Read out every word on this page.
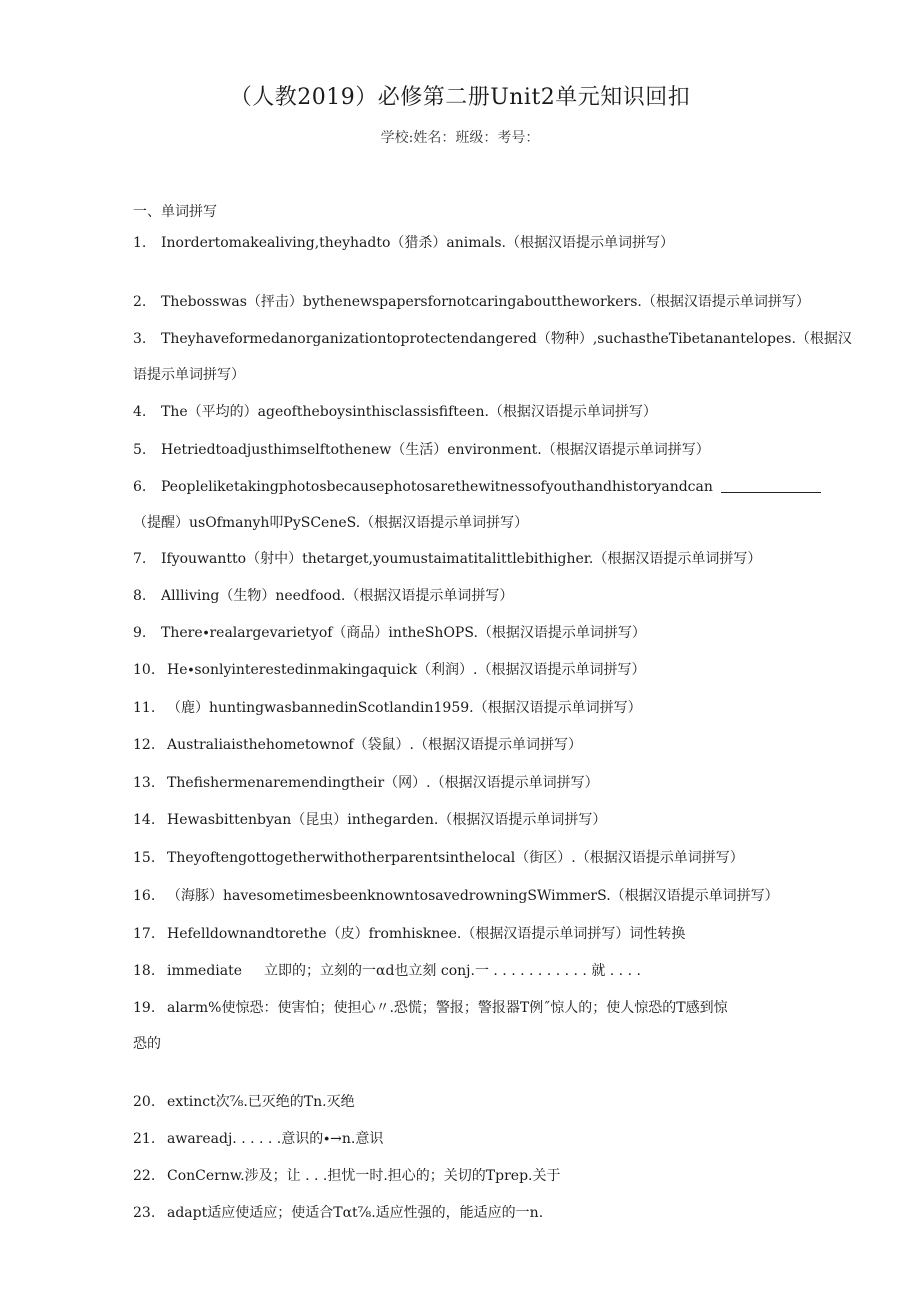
（人教2019）必修第二册Unit2单元知识回扣
学校:姓名：班级：考号：
一、单词拼写
1. Inordertomakealiving,theyhadto（猎杀）animals.（根据汉语提示单词拼写）
2. Thebosswas（抨击）bythenewspapersfornotcaringabouttheworkers.（根据汉语提示单词拼写）
3. Theyhaveformedanorganizationtoprotectendangered（物种）,suchastheTibetanantelopes.（根据汉
语提示单词拼写）
4. The（平均的）ageoftheboysinthisclassisfifteen.（根据汉语提示单词拼写）
5. Hetriedtoadjusthimselftothenew（生活）environment.（根据汉语提示单词拼写）
6. Peopleliketakingphotosbecausephotosarethewitnessofyouthandhistoryandcan
（提醒）usOfmanyh叩PySCeneS.（根据汉语提示单词拼写）
7. Ifyouwantto（射中）thetarget,youmustaimatitalittlebithigher.（根据汉语提示单词拼写）
8. Allliving（生物）needfood.（根据汉语提示单词拼写）
9. There∙realargevarietyof（商品）intheShOPS.（根据汉语提示单词拼写）
10. He∙sonlyinterestedinmakingaquick（利润）.（根据汉语提示单词拼写）
11. （鹿）huntingwasbannedinScotlandin1959.（根据汉语提示单词拼写）
12. Australiaisthehometownof（袋鼠）.（根据汉语提示单词拼写）
13. Thefishermenaremendingtheir（网）.（根据汉语提示单词拼写）
14. Hewasbittenbyan（昆虫）inthegarden.（根据汉语提示单词拼写）
15. Theyoftengottogetherwithotherparentsinthelocal（街区）.（根据汉语提示单词拼写）
16. （海豚）havesometimesbeenknowntosavedrowningSWimmerS.（根据汉语提示单词拼写）
17. Hefelldownandtorethe（皮）fromhisknee.（根据汉语提示单词拼写）词性转换
18. immediate 立即的；立刻的一αd也立刻 conj.一 . . . . . . . . . . . 就 . . . .
19. alarm%使惊恐：使害怕；使担心〃.恐慌；警报；警报器T例˝惊人的；使人惊恐的T感到惊
恐的
20. extinct次⅞.已灭绝的Tn.灭绝
21. awareadj. . . . . .意识的∙→n.意识
22. ConCernw.涉及；让 . . .担忧一时.担心的；关切的Tprep.关于
23. adapt适应使适应；使适合Tαt⅞.适应性强的，能适应的一n.
